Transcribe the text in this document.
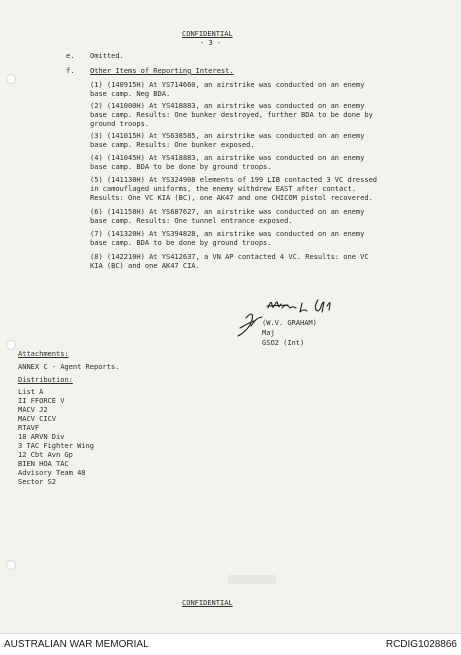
CONFIDENTIAL
- 3 -
e. Omitted.
f. Other Items of Reporting Interest.
(1) (140915H) At YS714660, an airstrike was conducted on an enemy
base camp. Neg BDA.
(2) (141000H) At YS418883, an airstrike was conducted on an enemy
base camp. Results: One bunker destroyed, further BDA to be done by
ground troops.
(3) (141015H) At YS638585, an airstrike was conducted on an enemy
base camp. Results: One bunker exposed.
(4) (141045H) At YS418883, an airstrike was conducted on an enemy
base camp. BDA to be done by ground troops.
(5) (141130H) At YS324908 elements of 199 LIB contacted 3 VC dressed
in camouflaged uniforms, the enemy withdrew EAST after contact.
Results: One VC KIA (BC), one AK47 and one CHICOM pistol recovered.
(6) (141158H) At YS687627, an airstrike was conducted on an enemy
base camp. Results: One tunnel entrance exposed.
(7) (141320H) At YS394828, an airstrike was conducted on an enemy
base camp. BDA to be done by ground troops.
(8) (142210H) At YS412637, a VN AP contacted 4 VC. Results: one VC
KIA (BC) and one AK47 CIA.
(W.V. GRAHAM)
Maj
GSO2 (Int)
Attachments:
ANNEX C - Agent Reports.
Distribution:
List A
II FFORCE V
MACV J2
MACV CICV
RTAVF
18 ARVN Div
3 TAC Fighter Wing
12 Cbt Avn Gp
BIEN HOA TAC
Advisory Team 48
Sector S2
CONFIDENTIAL
AUSTRALIAN WAR MEMORIAL	RCDIG1028866
